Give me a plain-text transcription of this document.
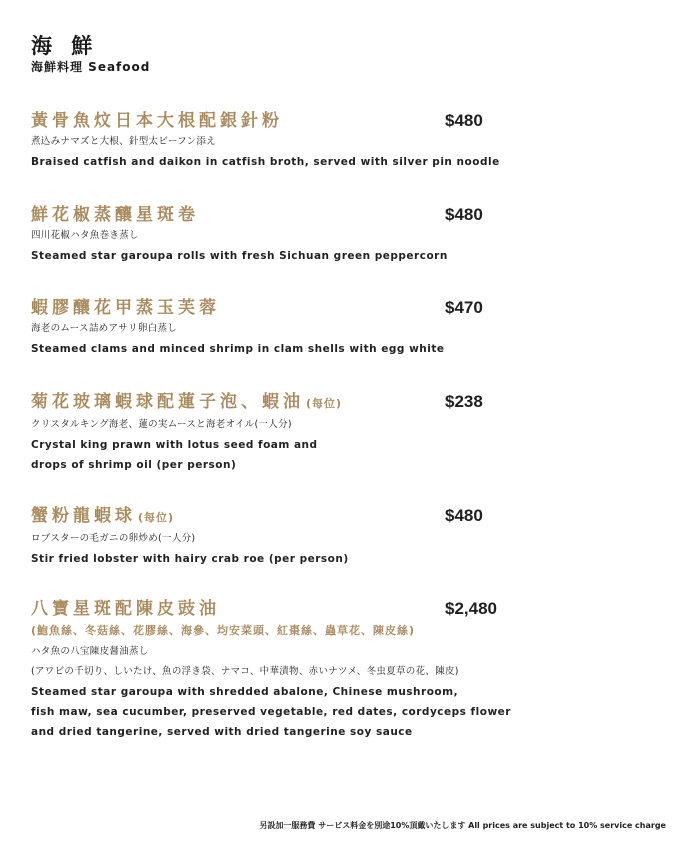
海 鮮
海鮮料理 Seafood
黃骨魚炆日本大根配銀針粉	$480
煮込みナマズと大根、針型太ビーフン添え
Braised catfish and daikon in catfish broth, served with silver pin noodle
鮮花椒蒸釀星斑卷	$480
四川花椒ハタ魚巻き蒸し
Steamed star garoupa rolls with fresh Sichuan green peppercorn
蝦膠釀花甲蒸玉芙蓉	$470
海老のムース詰めアサリ卵白蒸し
Steamed clams and minced shrimp in clam shells with egg white
菊花玻璃蝦球配蓮子泡、蝦油 (每位)	$238
クリスタルキング海老、蓮の実ムースと海老オイル(一人分)
Crystal king prawn with lotus seed foam and
drops of shrimp oil (per person)
蟹粉龍蝦球 (每位)	$480
ロブスターの毛ガニの卵炒め(一人分)
Stir fried lobster with hairy crab roe (per person)
八寶星斑配陳皮豉油	$2,480
(鮑魚絲、冬菇絲、花膠絲、海參、均安菜頭、紅棗絲、蟲草花、陳皮絲)
ハタ魚の八宝陳皮醤油蒸し
(アワビの千切り、しいたけ、魚の浮き袋、ナマコ、中華漬物、赤いナツメ、冬虫夏草の花、陳皮)
Steamed star garoupa with shredded abalone, Chinese mushroom,
fish maw, sea cucumber, preserved vegetable, red dates, cordyceps flower
and dried tangerine, served with dried tangerine soy sauce
另設加一服務費 サービス料金を別途10%頂戴いたします All prices are subject to 10% service charge
